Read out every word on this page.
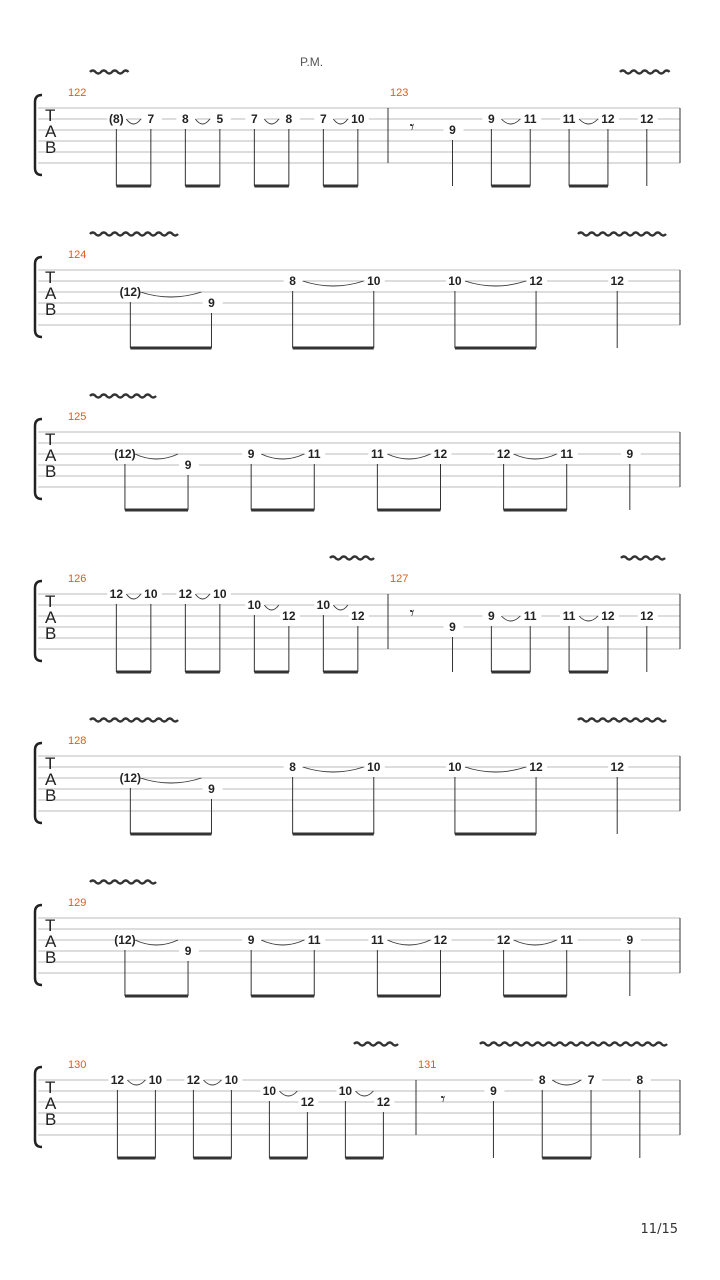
P.M.
T
A
B
122
(8) 7 8 5 7 8 7 10
123
𝄾	9
9 11 11 12 12
T
A
B
124
(12)
9
8	10	10	12	12
T
A
B
125
(12)
9
9	11	11	12	12	11	9
T
A
B
126
12 10 12 10
10
12
10
12
127
𝄾
9
9 11 11 12 12
T
A
B
128
(12)
9
8	10	10	12	12
T
A
B
129
(12)
9
9	11	11	12	12	11	9
T
A
B
130
12 10 12 10
10
12
10
12
131
𝄾	9
8	7	8
11/15
